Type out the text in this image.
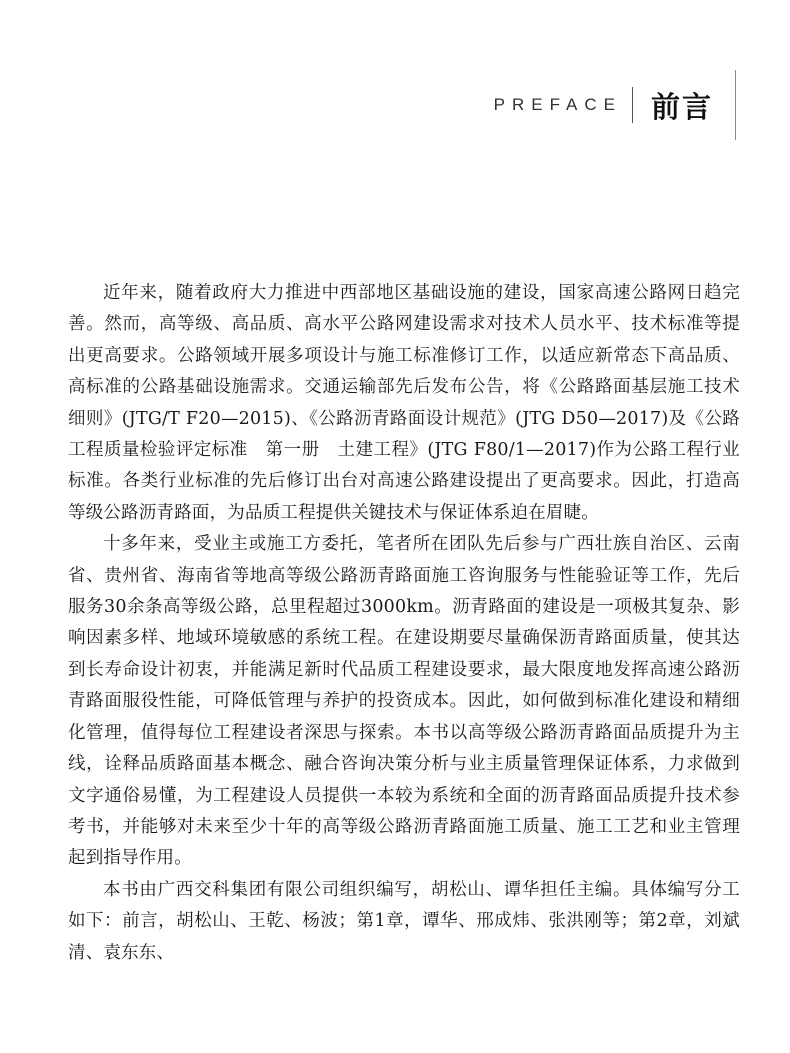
PREFACE 前言

近年来，随着政府大力推进中西部地区基础设施的建设，国家高速公路网日趋完善。然而，高等级、高品质、高水平公路网建设需求对技术人员水平、技术标准等提出更高要求。公路领域开展多项设计与施工标准修订工作，以适应新常态下高品质、高标准的公路基础设施需求。交通运输部先后发布公告，将《公路路面基层施工技术细则》(JTG/T F20—2015)、《公路沥青路面设计规范》(JTG D50—2017)及《公路工程质量检验评定标准　第一册　土建工程》(JTG F80/1—2017)作为公路工程行业标准。各类行业标准的先后修订出台对高速公路建设提出了更高要求。因此，打造高等级公路沥青路面，为品质工程提供关键技术与保证体系迫在眉睫。

十多年来，受业主或施工方委托，笔者所在团队先后参与广西壮族自治区、云南省、贵州省、海南省等地高等级公路沥青路面施工咨询服务与性能验证等工作，先后服务30余条高等级公路，总里程超过3000km。沥青路面的建设是一项极其复杂、影响因素多样、地域环境敏感的系统工程。在建设期要尽量确保沥青路面质量，使其达到长寿命设计初衷，并能满足新时代品质工程建设要求，最大限度地发挥高速公路沥青路面服役性能，可降低管理与养护的投资成本。因此，如何做到标准化建设和精细化管理，值得每位工程建设者深思与探索。本书以高等级公路沥青路面品质提升为主线，诠释品质路面基本概念、融合咨询决策分析与业主质量管理保证体系，力求做到文字通俗易懂，为工程建设人员提供一本较为系统和全面的沥青路面品质提升技术参考书，并能够对未来至少十年的高等级公路沥青路面施工质量、施工工艺和业主管理起到指导作用。

本书由广西交科集团有限公司组织编写，胡松山、谭华担任主编。具体编写分工如下：前言，胡松山、王乾、杨波；第1章，谭华、邢成炜、张洪刚等；第2章，刘斌清、袁东东、
